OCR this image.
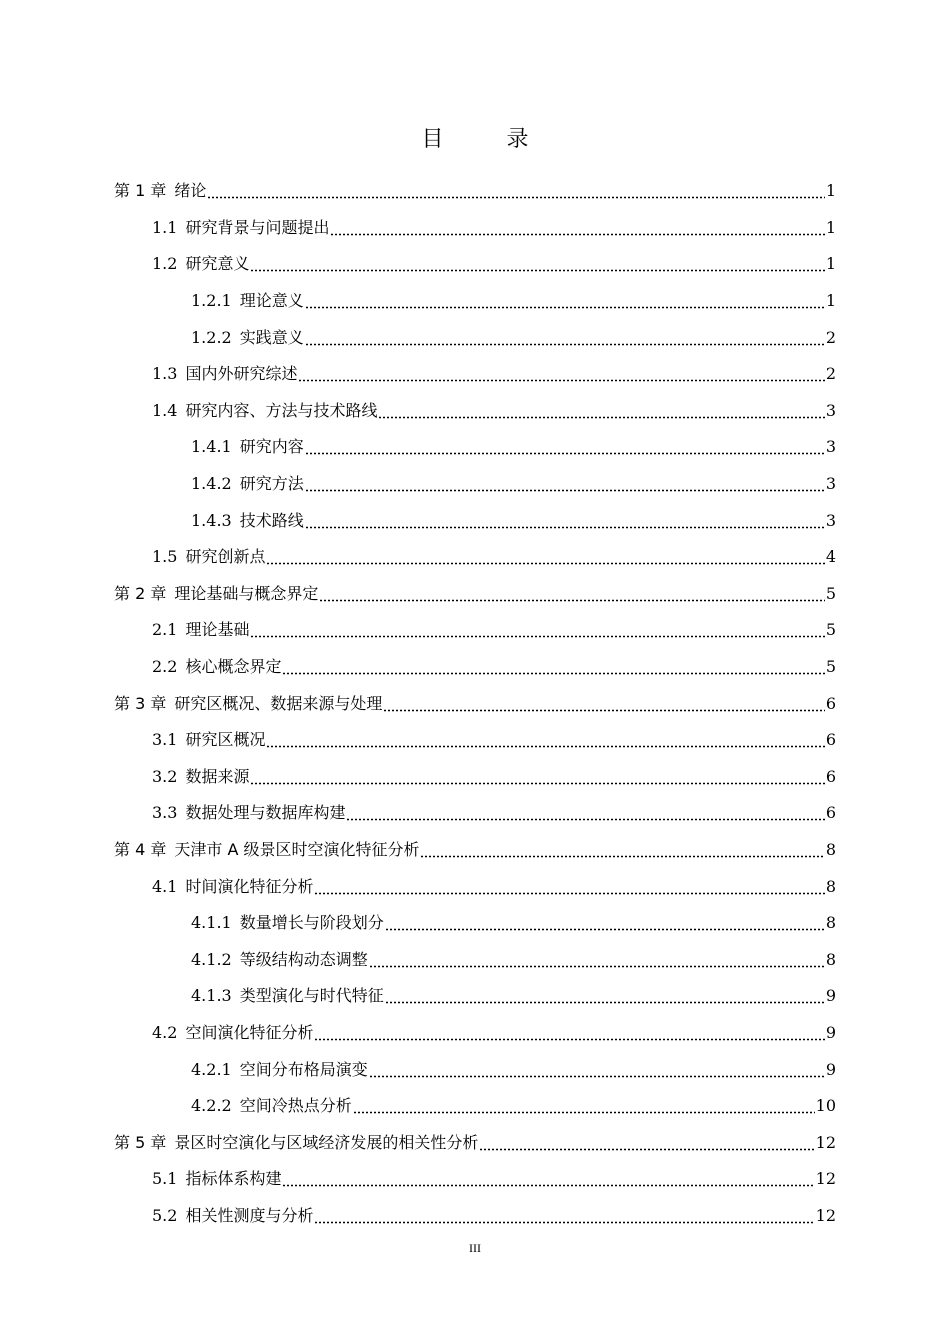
目 录
第 1 章 绪论	1
1.1 研究背景与问题提出	1
1.2 研究意义	1
1.2.1 理论意义	1
1.2.2 实践意义	2
1.3 国内外研究综述	2
1.4 研究内容、方法与技术路线	3
1.4.1 研究内容	3
1.4.2 研究方法	3
1.4.3 技术路线	3
1.5 研究创新点	4
第 2 章 理论基础与概念界定	5
2.1 理论基础	5
2.2 核心概念界定	5
第 3 章 研究区概况、数据来源与处理	6
3.1 研究区概况	6
3.2 数据来源	6
3.3 数据处理与数据库构建	6
第 4 章 天津市 A 级景区时空演化特征分析	8
4.1 时间演化特征分析	8
4.1.1 数量增长与阶段划分	8
4.1.2 等级结构动态调整	8
4.1.3 类型演化与时代特征	9
4.2 空间演化特征分析	9
4.2.1 空间分布格局演变	9
4.2.2 空间冷热点分析	10
第 5 章 景区时空演化与区域经济发展的相关性分析	12
5.1 指标体系构建	12
5.2 相关性测度与分析	12
III
